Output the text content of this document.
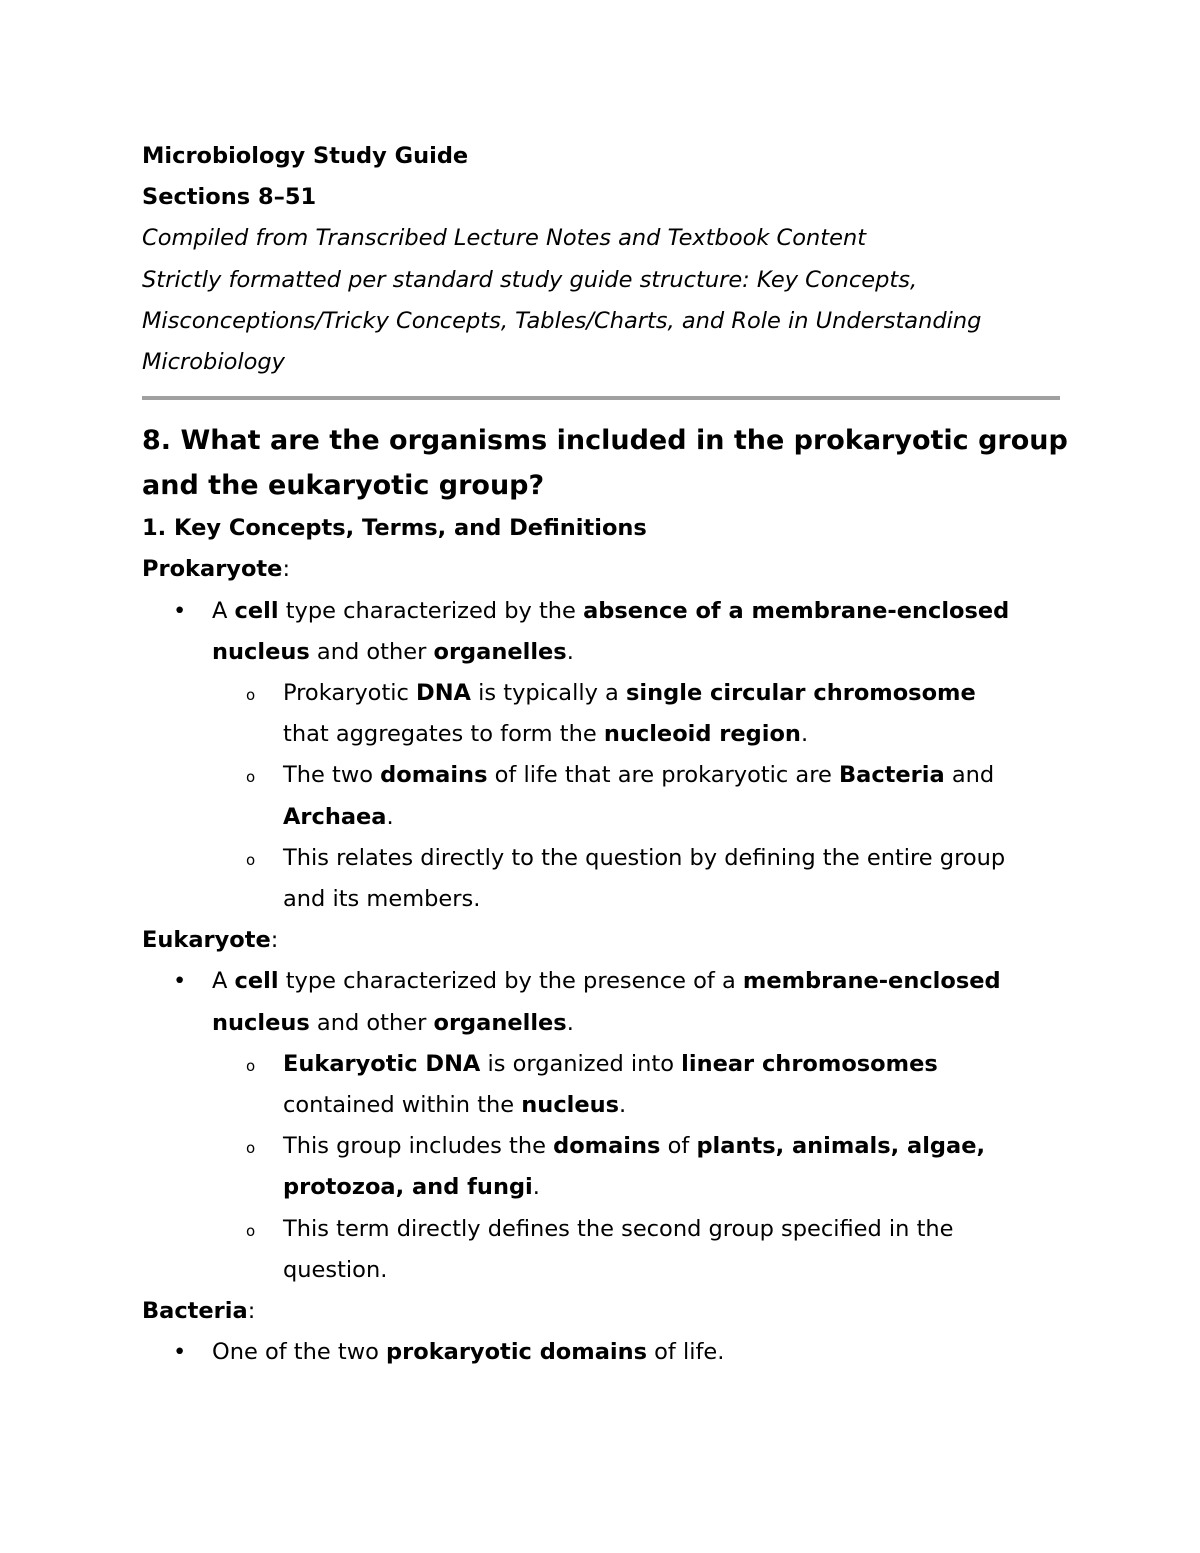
Microbiology Study Guide
Sections 8–51
Compiled from Transcribed Lecture Notes and Textbook Content
Strictly formatted per standard study guide structure: Key Concepts,
Misconceptions/Tricky Concepts, Tables/Charts, and Role in Understanding
Microbiology
8. What are the organisms included in the prokaryotic group
and the eukaryotic group?
1. Key Concepts, Terms, and Definitions
Prokaryote:
• A cell type characterized by the absence of a membrane-enclosed
nucleus and other organelles.
o Prokaryotic DNA is typically a single circular chromosome
that aggregates to form the nucleoid region.
o The two domains of life that are prokaryotic are Bacteria and
Archaea.
o This relates directly to the question by defining the entire group
and its members.
Eukaryote:
• A cell type characterized by the presence of a membrane-enclosed
nucleus and other organelles.
o Eukaryotic DNA is organized into linear chromosomes
contained within the nucleus.
o This group includes the domains of plants, animals, algae,
protozoa, and fungi.
o This term directly defines the second group specified in the
question.
Bacteria:
• One of the two prokaryotic domains of life.
